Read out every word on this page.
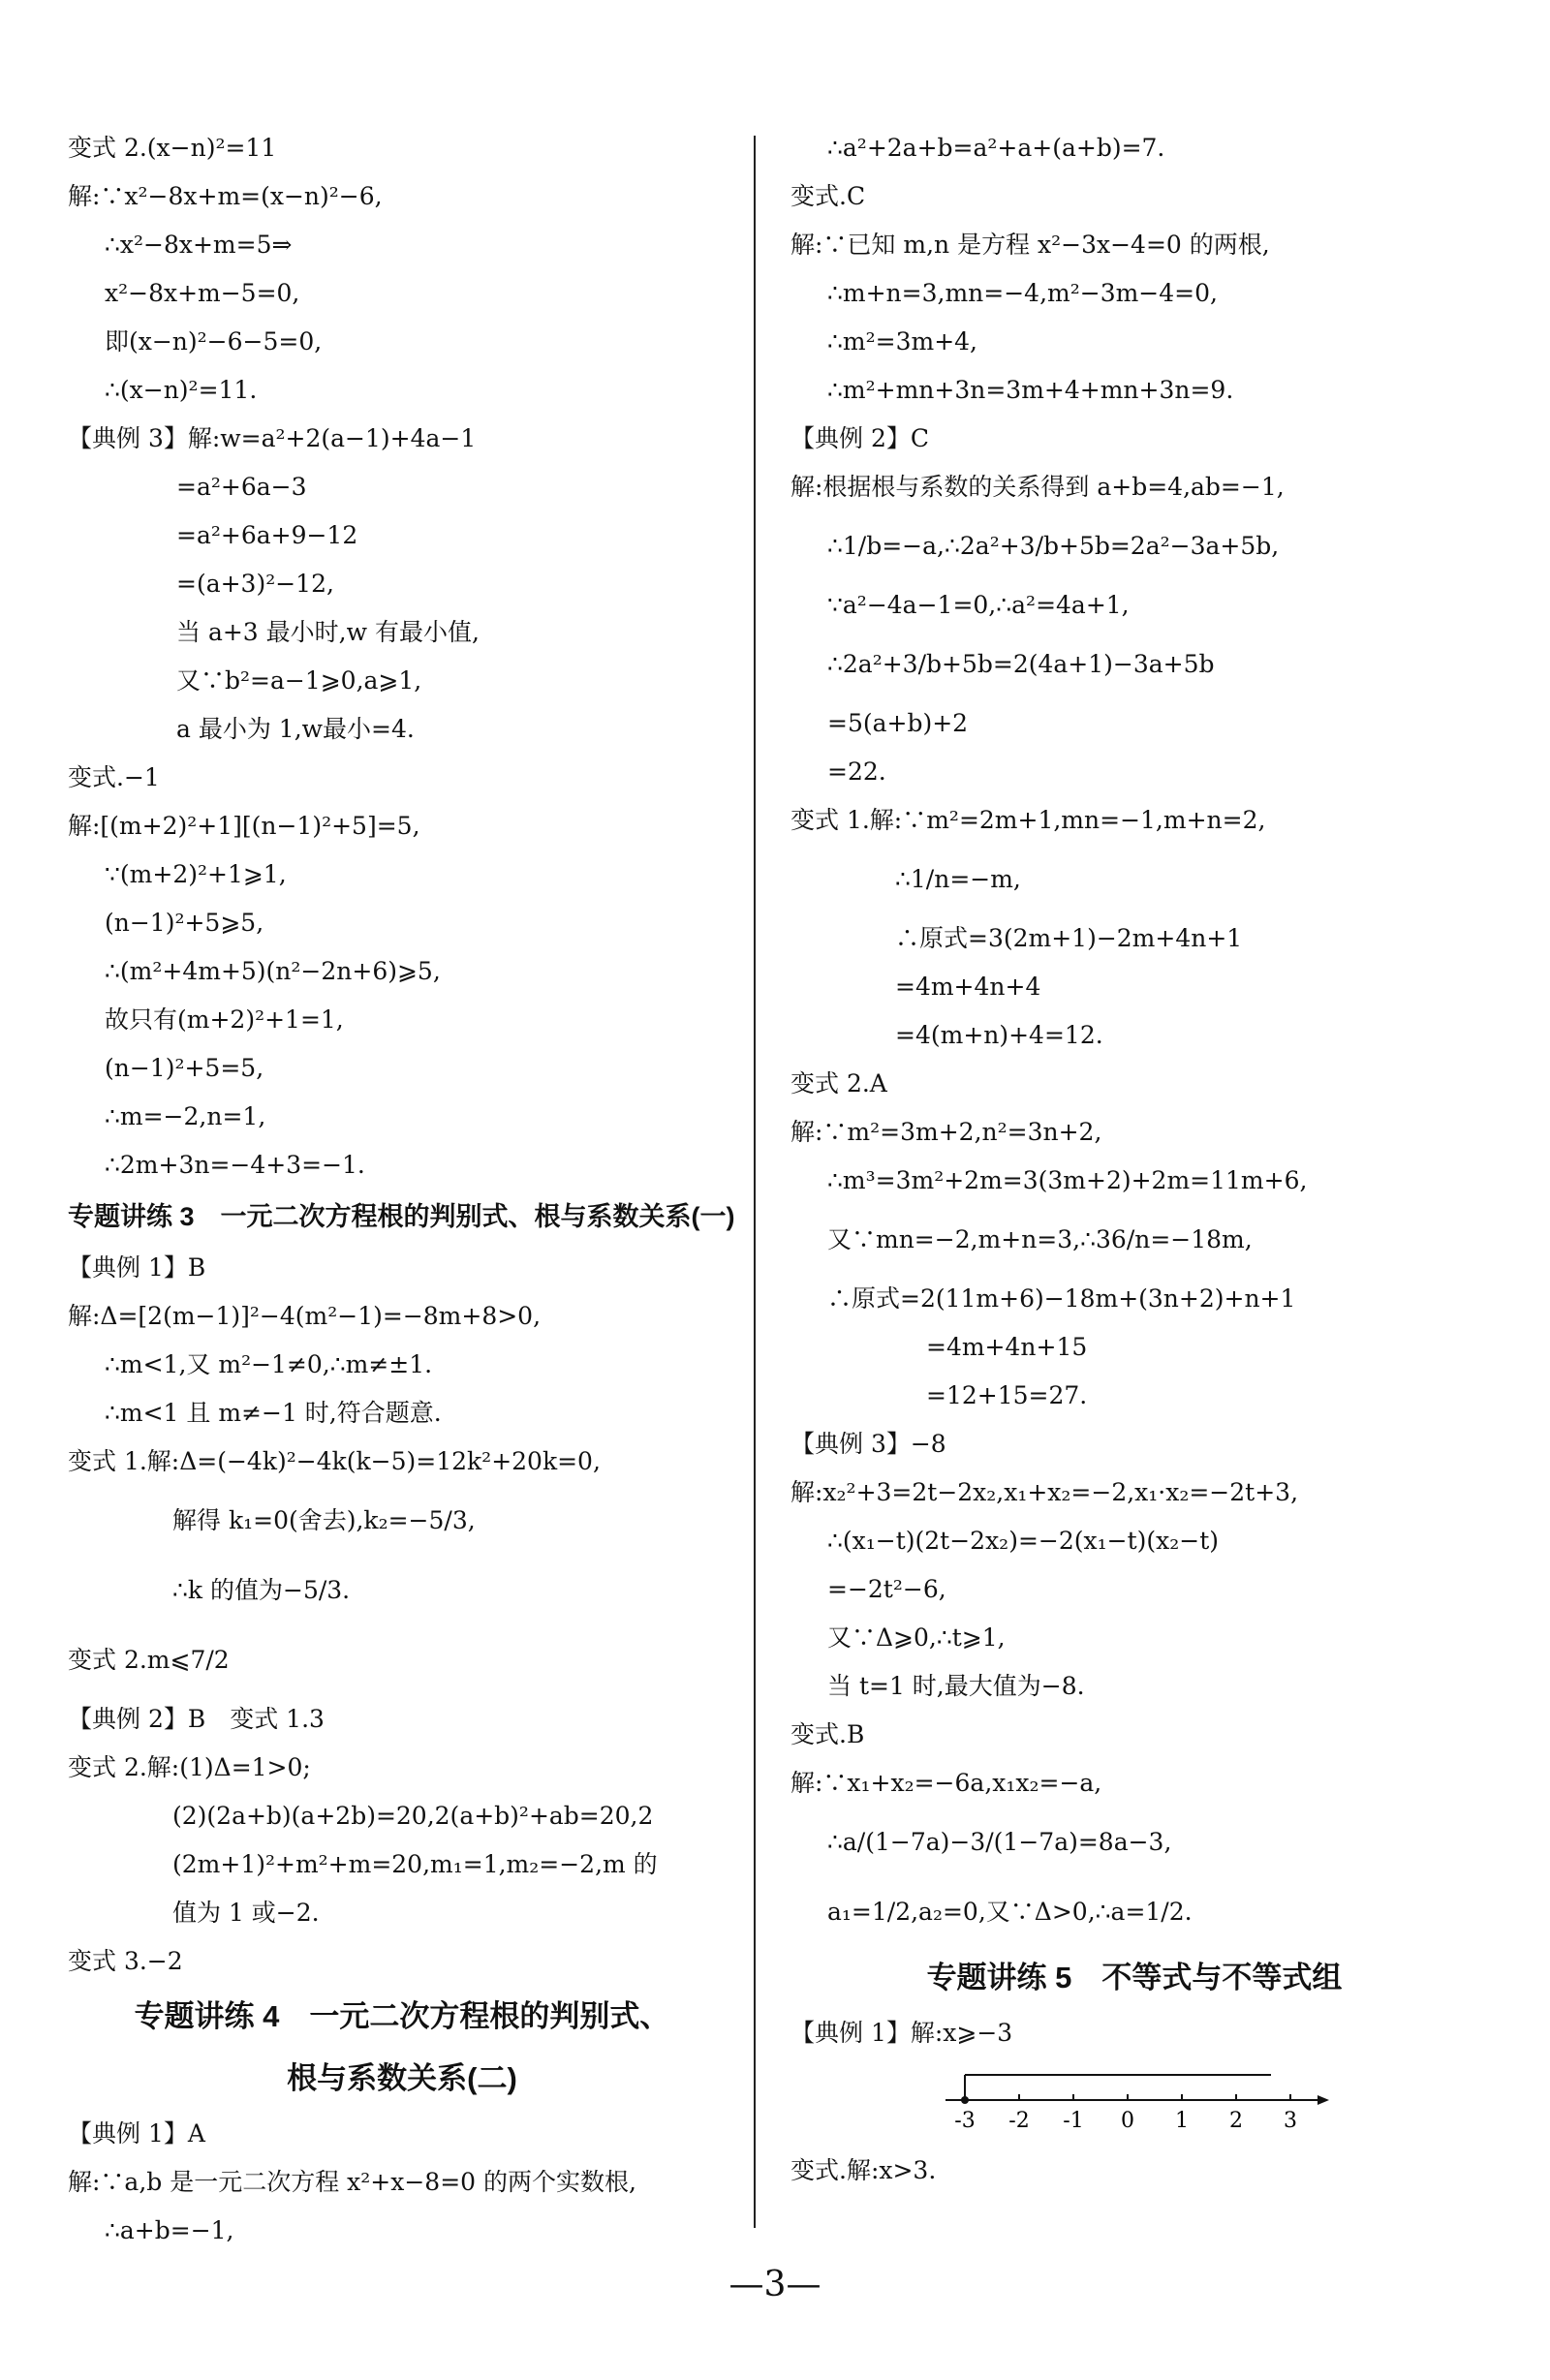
变式 2.(x−n)²=11
解:∵x²−8x+m=(x−n)²−6,
∴x²−8x+m=5⇒
x²−8x+m−5=0,
即(x−n)²−6−5=0,
∴(x−n)²=11.
【典例 3】解:w=a²+2(a−1)+4a−1
=a²+6a−3
=a²+6a+9−12
=(a+3)²−12,
当 a+3 最小时,w 有最小值,
又∵b²=a−1⩾0,a⩾1,
a 最小为 1,w最小=4.
变式.−1
解:[(m+2)²+1][(n−1)²+5]=5,
∵(m+2)²+1⩾1,
(n−1)²+5⩾5,
∴(m²+4m+5)(n²−2n+6)⩾5,
故只有(m+2)²+1=1,
(n−1)²+5=5,
∴m=−2,n=1,
∴2m+3n=−4+3=−1.
专题讲练 3　一元二次方程根的判别式、根与系数关系(一)
【典例 1】B
解:Δ=[2(m−1)]²−4(m²−1)=−8m+8>0,
∴m<1,又 m²−1≠0,∴m≠±1.
∴m<1 且 m≠−1 时,符合题意.
变式 1.解:Δ=(−4k)²−4k(k−5)=12k²+20k=0,
解得 k₁=0(舍去),k₂=−5/3,
∴k 的值为−5/3.
变式 2.m⩽7/2
【典例 2】B　变式 1.3
变式 2.解:(1)Δ=1>0;
(2)(2a+b)(a+2b)=20,2(a+b)²+ab=20,2
(2m+1)²+m²+m=20,m₁=1,m₂=−2,m 的
值为 1 或−2.
变式 3.−2
专题讲练 4　一元二次方程根的判别式、
根与系数关系(二)
【典例 1】A
解:∵a,b 是一元二次方程 x²+x−8=0 的两个实数根,
∴a+b=−1,
∴a²+2a+b=a²+a+(a+b)=7.
变式.C
解:∵已知 m,n 是方程 x²−3x−4=0 的两根,
∴m+n=3,mn=−4,m²−3m−4=0,
∴m²=3m+4,
∴m²+mn+3n=3m+4+mn+3n=9.
【典例 2】C
解:根据根与系数的关系得到 a+b=4,ab=−1,
∴1/b=−a,∴2a²+3/b+5b=2a²−3a+5b,
∵a²−4a−1=0,∴a²=4a+1,
∴2a²+3/b+5b=2(4a+1)−3a+5b
=5(a+b)+2
=22.
变式 1.解:∵m²=2m+1,mn=−1,m+n=2,
∴1/n=−m,
∴原式=3(2m+1)−2m+4n+1
=4m+4n+4
=4(m+n)+4=12.
变式 2.A
解:∵m²=3m+2,n²=3n+2,
∴m³=3m²+2m=3(3m+2)+2m=11m+6,
又∵mn=−2,m+n=3,∴36/n=−18m,
∴原式=2(11m+6)−18m+(3n+2)+n+1
=4m+4n+15
=12+15=27.
【典例 3】−8
解:x₂²+3=2t−2x₂,x₁+x₂=−2,x₁·x₂=−2t+3,
∴(x₁−t)(2t−2x₂)=−2(x₁−t)(x₂−t)
=−2t²−6,
又∵Δ⩾0,∴t⩾1,
当 t=1 时,最大值为−8.
变式.B
解:∵x₁+x₂=−6a,x₁x₂=−a,
∴a/(1−7a)−3/(1−7a)=8a−3,
a₁=1/2,a₂=0,又∵Δ>0,∴a=1/2.
专题讲练 5　不等式与不等式组
【典例 1】解:x⩾−3
-3 -2 -1 0 1 2 3
变式.解:x>3.
—3—
